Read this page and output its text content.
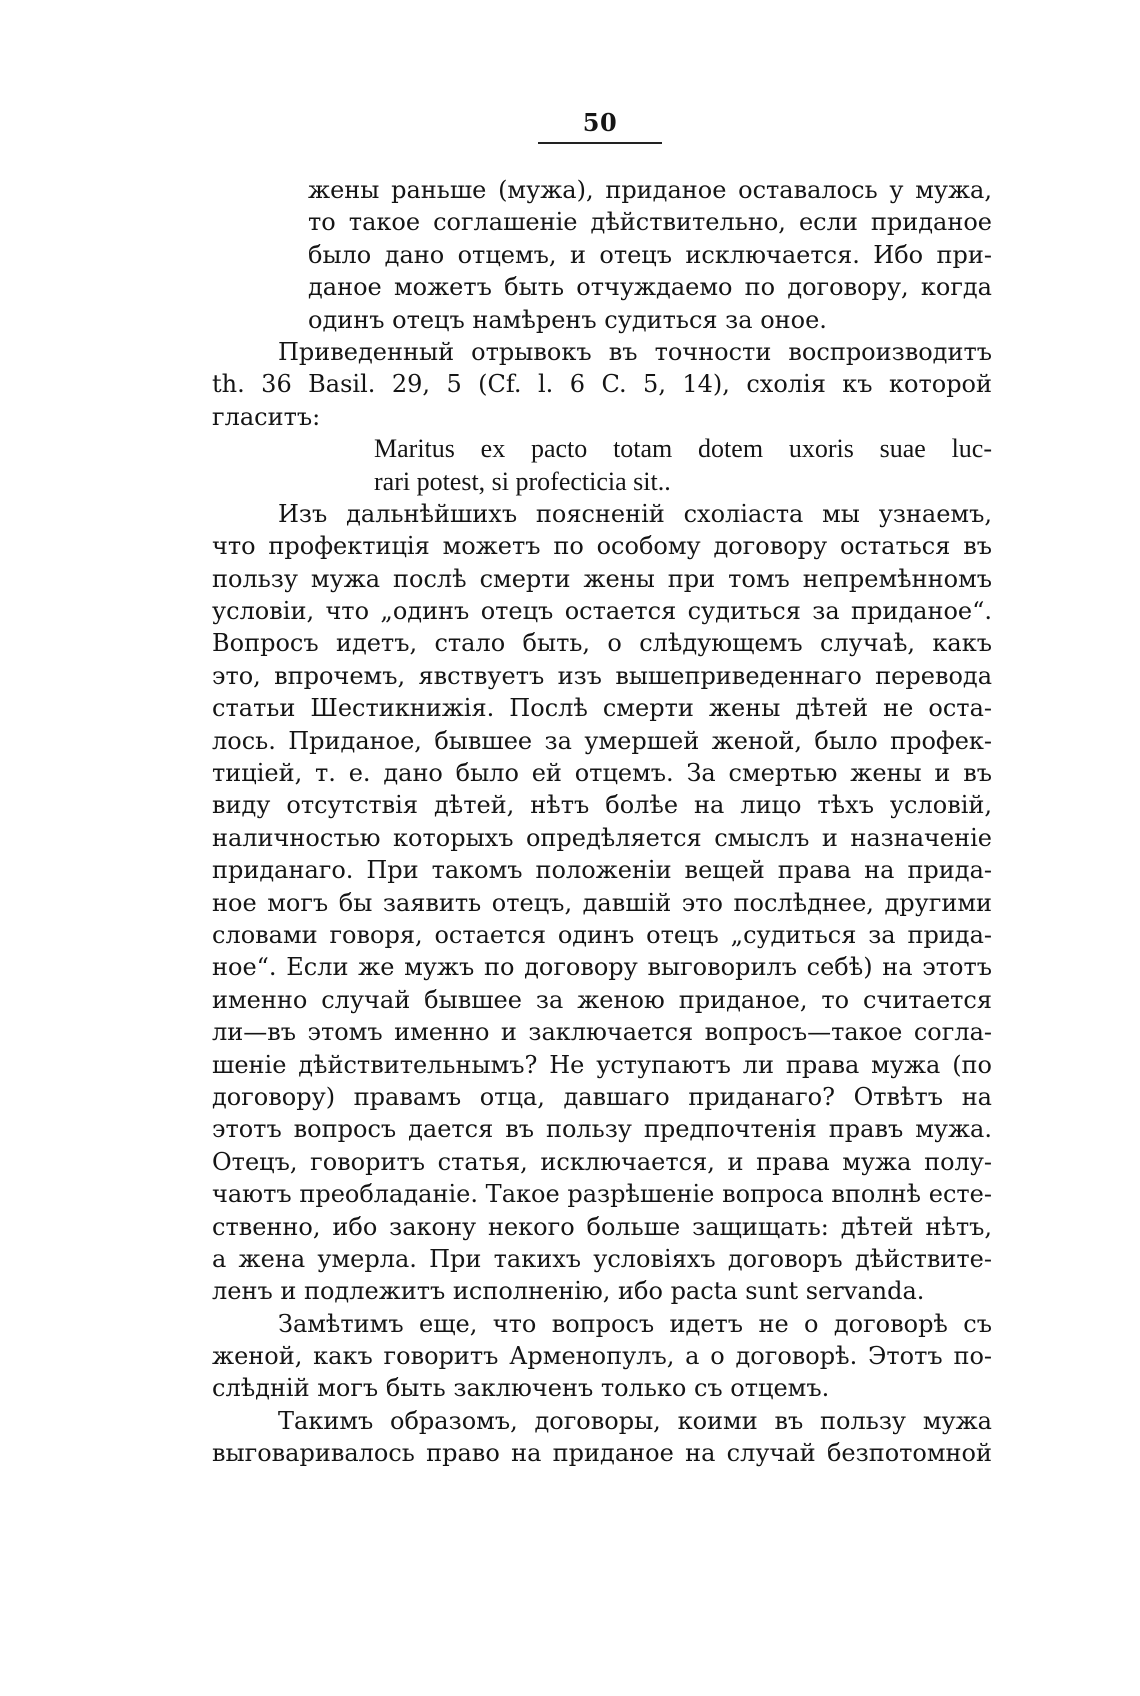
50
жены раньше (мужа), приданое оставалось у мужа,
то такое соглашеніе дѣйствительно, если приданое
было дано отцемъ, и отецъ исключается. Ибо при-
даное можетъ быть отчуждаемо по договору, когда
одинъ отецъ намѣренъ судиться за оное.
Приведенный отрывокъ въ точности воспроизводитъ
th. 36 Basil. 29, 5 (Cf. l. 6 C. 5, 14), схолія къ которой
гласитъ:
Maritus ex pacto totam dotem uxoris suae luc-
rari potest, si profecticia sit..
Изъ дальнѣйшихъ поясненій схоліаста мы узнаемъ,
что профектиція можетъ по особому договору остаться въ
пользу мужа послѣ смерти жены при томъ непремѣнномъ
условіи, что „одинъ отецъ остается судиться за приданое“.
Вопросъ идетъ, стало быть, о слѣдующемъ случаѣ, какъ
это, впрочемъ, явствуетъ изъ вышеприведеннаго перевода
статьи Шестикнижія. Послѣ смерти жены дѣтей не оста-
лось. Приданое, бывшее за умершей женой, было профек-
тиціей, т. е. дано было ей отцемъ. За смертью жены и въ
виду отсутствія дѣтей, нѣтъ болѣе на лицо тѣхъ условій,
наличностью которыхъ опредѣляется смыслъ и назначеніе
приданаго. При такомъ положеніи вещей права на прида-
ное могъ бы заявить отецъ, давшій это послѣднее, другими
словами говоря, остается одинъ отецъ „судиться за прида-
ное“. Если же мужъ по договору выговорилъ себѣ) на этотъ
именно случай бывшее за женою приданое, то считается
ли—въ этомъ именно и заключается вопросъ—такое согла-
шеніе дѣйствительнымъ? Не уступаютъ ли права мужа (по
договору) правамъ отца, давшаго приданаго? Отвѣтъ на
этотъ вопросъ дается въ пользу предпочтенія правъ мужа.
Отецъ, говоритъ статья, исключается, и права мужа полу-
чаютъ преобладаніе. Такое разрѣшеніе вопроса вполнѣ есте-
ственно, ибо закону некого больше защищать: дѣтей нѣтъ,
а жена умерла. При такихъ условіяхъ договоръ дѣйствите-
ленъ и подлежитъ исполненію, ибо pacta sunt servanda.
Замѣтимъ еще, что вопросъ идетъ не о договорѣ съ
женой, какъ говоритъ Арменопулъ, а о договорѣ. Этотъ по-
слѣдній могъ быть заключенъ только съ отцемъ.
Такимъ образомъ, договоры, коими въ пользу мужа
выговаривалось право на приданое на случай безпотомной
